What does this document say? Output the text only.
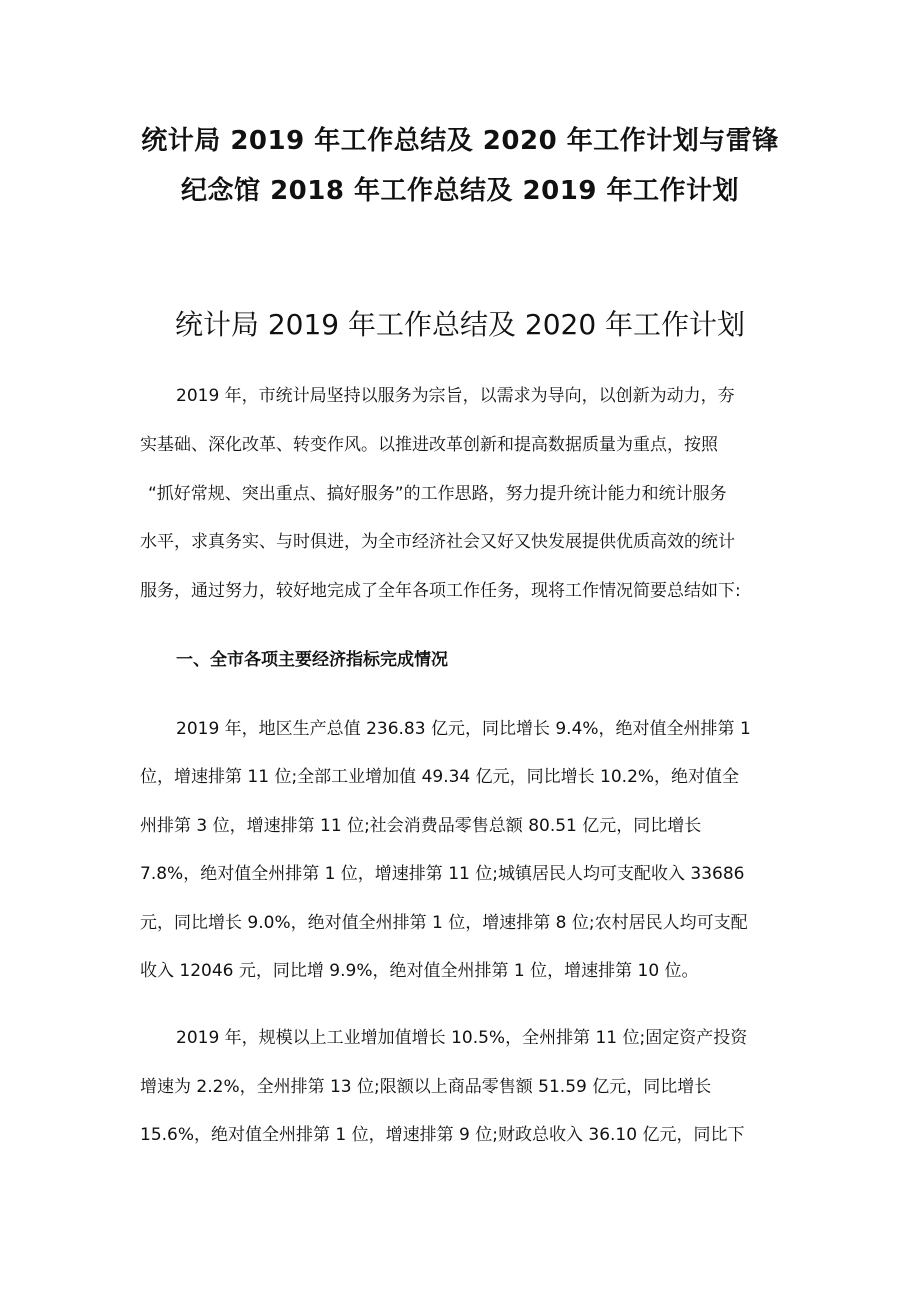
统计局 2019 年工作总结及 2020 年工作计划与雷锋
纪念馆 2018 年工作总结及 2019 年工作计划
统计局 2019 年工作总结及 2020 年工作计划
2019 年，市统计局坚持以服务为宗旨，以需求为导向，以创新为动力，夯
实基础、深化改革、转变作风。以推进改革创新和提高数据质量为重点，按照
“抓好常规、突出重点、搞好服务”的工作思路，努力提升统计能力和统计服务
水平，求真务实、与时俱进，为全市经济社会又好又快发展提供优质高效的统计
服务，通过努力，较好地完成了全年各项工作任务，现将工作情况简要总结如下:
一、全市各项主要经济指标完成情况
2019 年，地区生产总值 236.83 亿元，同比增长 9.4%，绝对值全州排第 1
位，增速排第 11 位;全部工业增加值 49.34 亿元，同比增长 10.2%，绝对值全
州排第 3 位，增速排第 11 位;社会消费品零售总额 80.51 亿元，同比增长
7.8%，绝对值全州排第 1 位，增速排第 11 位;城镇居民人均可支配收入 33686
元，同比增长 9.0%，绝对值全州排第 1 位，增速排第 8 位;农村居民人均可支配
收入 12046 元，同比增 9.9%，绝对值全州排第 1 位，增速排第 10 位。
2019 年，规模以上工业增加值增长 10.5%，全州排第 11 位;固定资产投资
增速为 2.2%，全州排第 13 位;限额以上商品零售额 51.59 亿元，同比增长
15.6%，绝对值全州排第 1 位，增速排第 9 位;财政总收入 36.10 亿元，同比下
